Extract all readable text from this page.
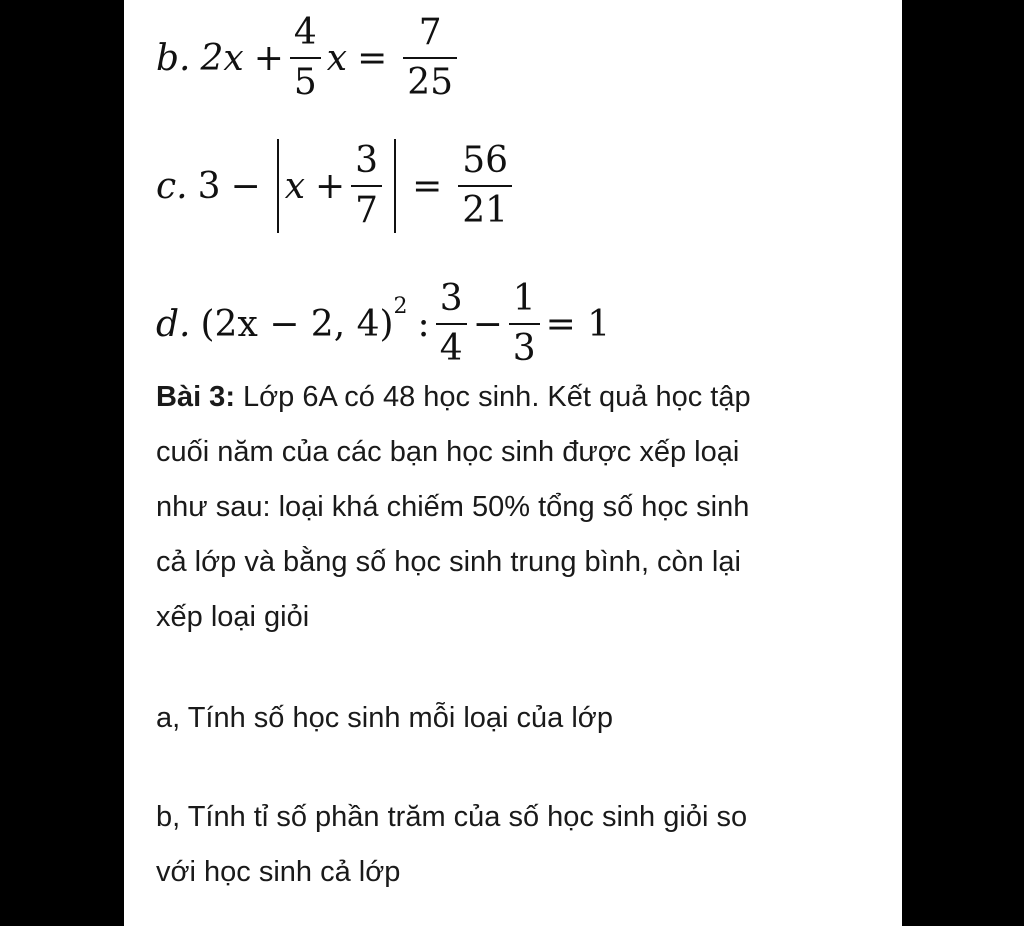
b. $2x + \frac{4}{5}$ $x = \frac{7}{25}$
c. $3 - x + \frac{3}{7} = \frac{56}{21}$
d. (2x − 2, 4)$^2$ : $\frac{3}{4} - \frac{1}{3} = 1$
Bài 3: Lớp 6A có 48 học sinh. Kết quả học tập
cuối năm của các bạn học sinh được xếp loại
như sau: loại khá chiếm 50% tổng số học sinh
cả lớp và bằng số học sinh trung bình, còn lại
xếp loại giỏi
a, Tính số học sinh mỗi loại của lớp
b, Tính tỉ số phần trăm của số học sinh giỏi so
với học sinh cả lớp
